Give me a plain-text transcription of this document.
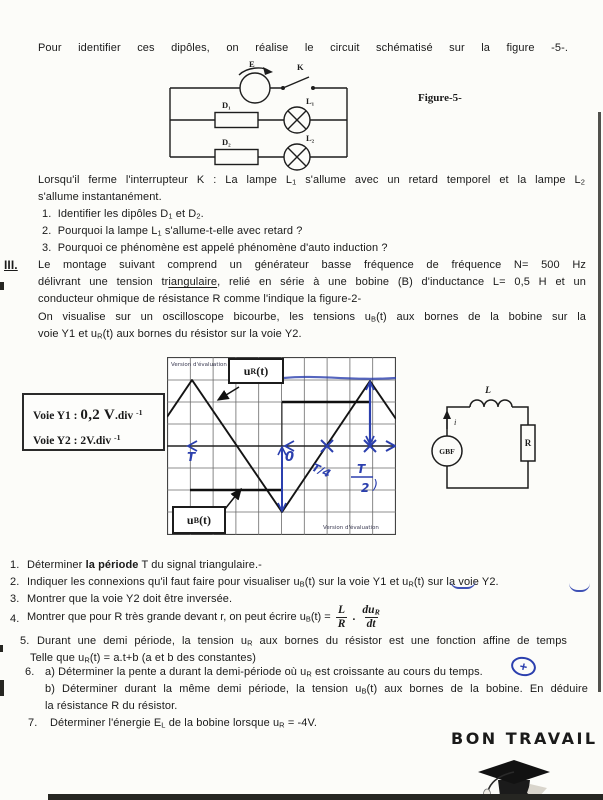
Pour identifier ces dipôles, on réalise le circuit schématisé sur la figure -5-.
E	K
D₁	L₁
D₂	L₂
Figure-5-
Lorsqu'il ferme l'interrupteur K : La lampe $L_1$ s'allume avec un retard temporel et la lampe $L_2$
s'allume instantanément.
1. Identifier les dipôles $D_1$ et $D_2$.
2. Pourquoi la lampe $L_1$ s'allume-t-elle avec retard ?
3. Pourquoi ce phénomène est appelé phénomène d'auto induction ?
III. Le montage suivant comprend un générateur basse fréquence de fréquence N= 500 Hz
délivrant une tension triangulaire, relié en série à une bobine (B) d'inductance L= 0,5 H et un
conducteur ohmique de résistance R comme l'indique la figure-2-
On visualise sur un oscilloscope bicourbe, les tensions $u_B(t)$ aux bornes de la bobine sur la
voie Y1 et $u_R(t)$ aux bornes du résistor sur la voie Y2.
T	0
T/4 T
2 )
Version d'évaluation
Version d'évaluation
Voie Y1 : 0,2 V.div $^{-1}$
Voie Y2 : 2V.div $^{-1}$
u R (t)
u B (t)
L
i
GBF
R
1. Déterminer la période T du signal triangulaire.-
2. Indiquer les connexions qu'il faut faire pour visualiser $u_B(t)$ sur la voie Y1 et $u_R(t)$ sur la voie Y2.
3. Montrer que la voie Y2 doit être inversée.
4. Montrer que pour R très grande devant r, on peut écrire $u_B(t) = \frac{L}{R}$ . $\frac{du_R}{dt}$
5. Durant une demi période, la tension $u_R$ aux bornes du résistor est une fonction affine de temps
Telle que $u_R(t) = a.t+b$ (a et b des constantes)
6. a) Déterminer la pente a durant la demi-période où $u_R$ est croissante au cours du temps.	+
b) Déterminer durant la même demi période, la tension $u_B(t)$ aux bornes de la bobine. En déduire
la résistance R du résistor.
7. Déterminer l'énergie $E_L$ de la bobine lorsque $u_R = -4V$.
BON TRAVAIL
